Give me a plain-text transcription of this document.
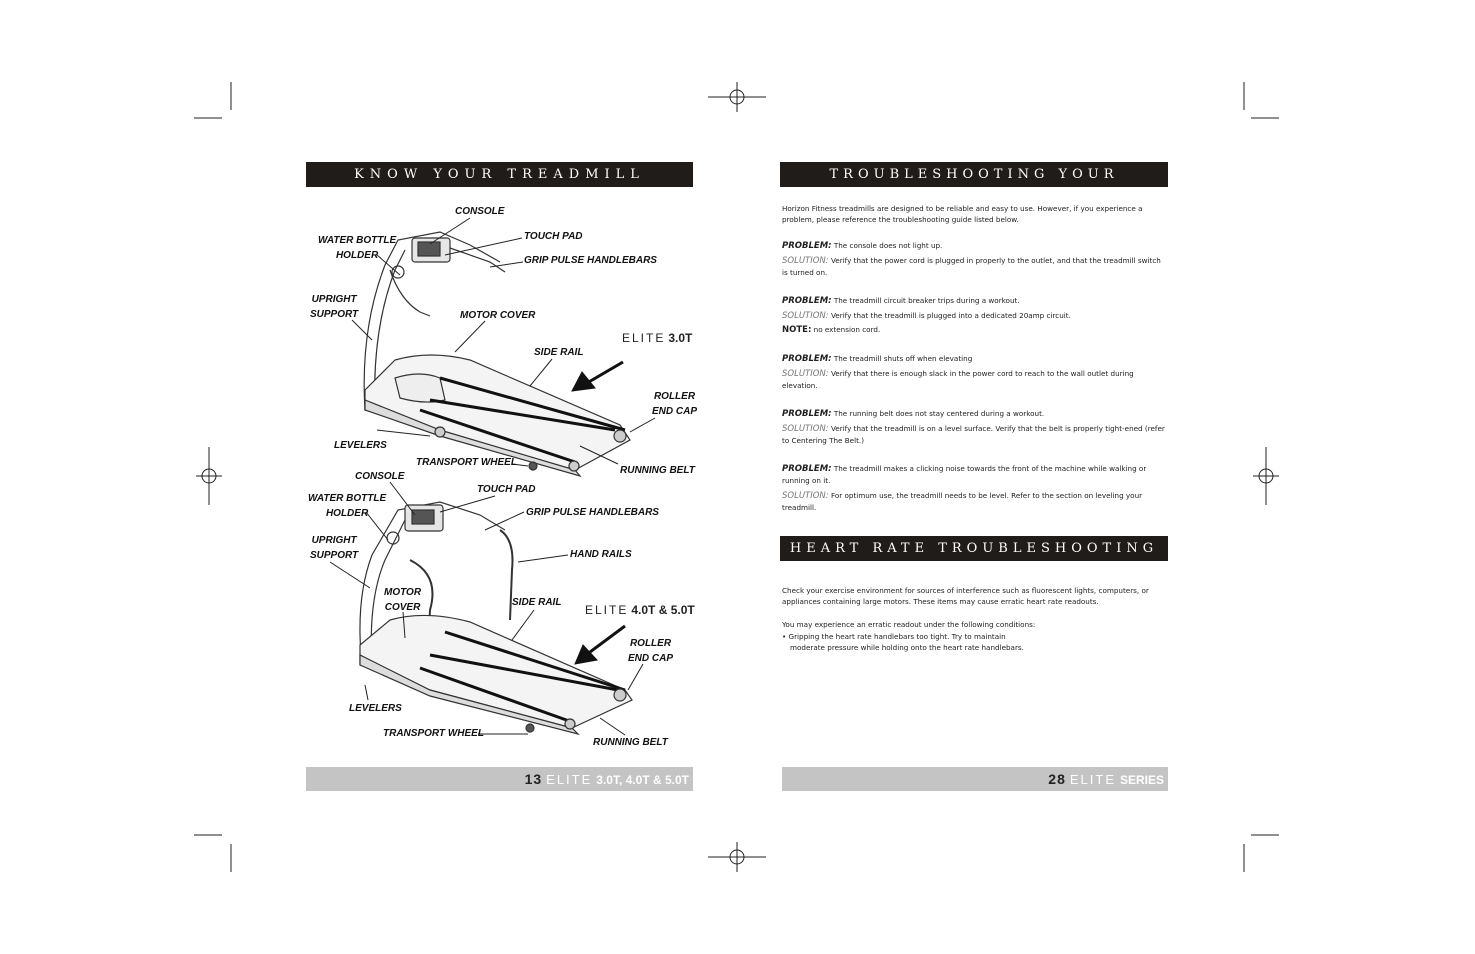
KNOW YOUR TREADMILL
CONSOLE
WATER BOTTLE
HOLDER
TOUCH PAD
GRIP PULSE HANDLEBARS
UPRIGHT
SUPPORT	MOTOR COVER
SIDE RAIL
ROLLER
END CAP
LEVELERS
TRANSPORT WHEEL
RUNNING BELT
ELITE 3.0T
CONSOLE
WATER BOTTLE
HOLDER
TOUCH PAD
GRIP PULSE HANDLEBARS
UPRIGHT
SUPPORT	HAND RAILS
MOTOR
COVER	SIDE RAIL
ROLLER
END CAP
LEVELERS
TRANSPORT WHEEL
RUNNING BELT
ELITE 4.0T & 5.0T
13 ELITE 3.0T, 4.0T & 5.0T
TROUBLESHOOTING YOUR TREADMILL
Horizon Fitness treadmills are designed to be reliable and easy to use. However, if you experience a problem, please reference the troubleshooting guide listed below.
PROBLEM: The console does not light up.
SOLUTION: Verify that the power cord is plugged in properly to the outlet, and that the treadmill switch is turned on.
PROBLEM: The treadmill circuit breaker trips during a workout.
SOLUTION: Verify that the treadmill is plugged into a dedicated 20amp circuit.
NOTE: no extension cord.
PROBLEM: The treadmill shuts off when elevating
SOLUTION: Verify that there is enough slack in the power cord to reach to the wall outlet during elevation.
PROBLEM: The running belt does not stay centered during a workout.
SOLUTION: Verify that the treadmill is on a level surface. Verify that the belt is properly tight-ened (refer to Centering The Belt.)
PROBLEM: The treadmill makes a clicking noise towards the front of the machine while walking or running on it.
SOLUTION: For optimum use, the treadmill needs to be level. Refer to the section on leveling your treadmill.
HEART RATE TROUBLESHOOTING
Check your exercise environment for sources of interference such as fluorescent lights, computers, or appliances containing large motors. These items may cause erratic heart rate readouts.
You may experience an erratic readout under the following conditions:
• Gripping the heart rate handlebars too tight. Try to maintain
moderate pressure while holding onto the heart rate handlebars.
28 ELITE SERIES
